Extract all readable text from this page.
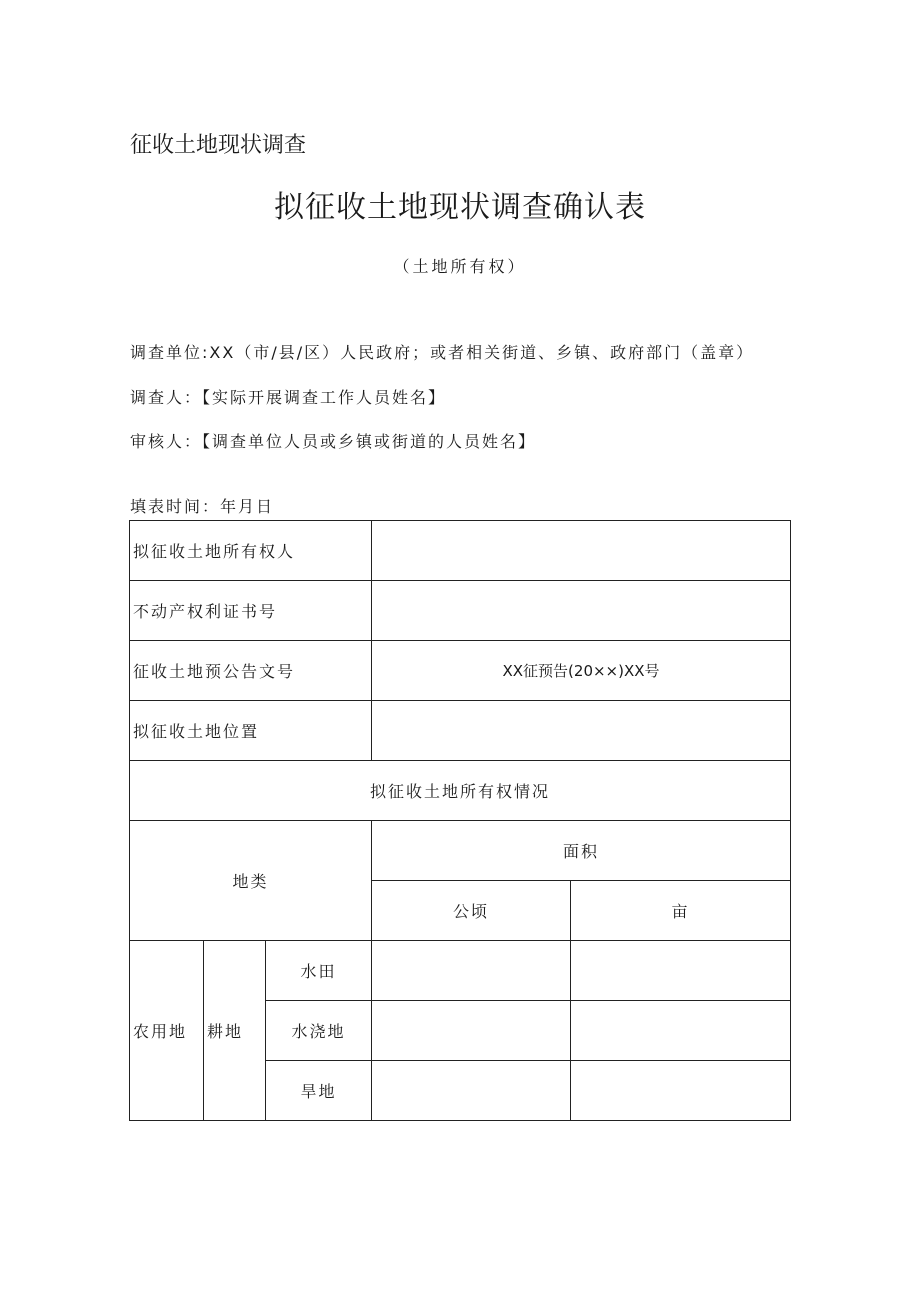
征收土地现状调查
拟征收土地现状调查确认表
（土地所有权）
调查单位:XX（市/县/区）人民政府；或者相关街道、乡镇、政府部门（盖章）
调查人：【实际开展调查工作人员姓名】
审核人：【调查单位人员或乡镇或街道的人员姓名】
填表时间：年月日
拟征收土地所有权人				
不动产权利证书号				
征收土地预公告文号			XX征预告(20××)XX号	
拟征收土地位置				
拟征收土地所有权情况				
地类			面积	
			公顷	亩
农用地	耕地	水田		
		水浇地		
		旱地		
